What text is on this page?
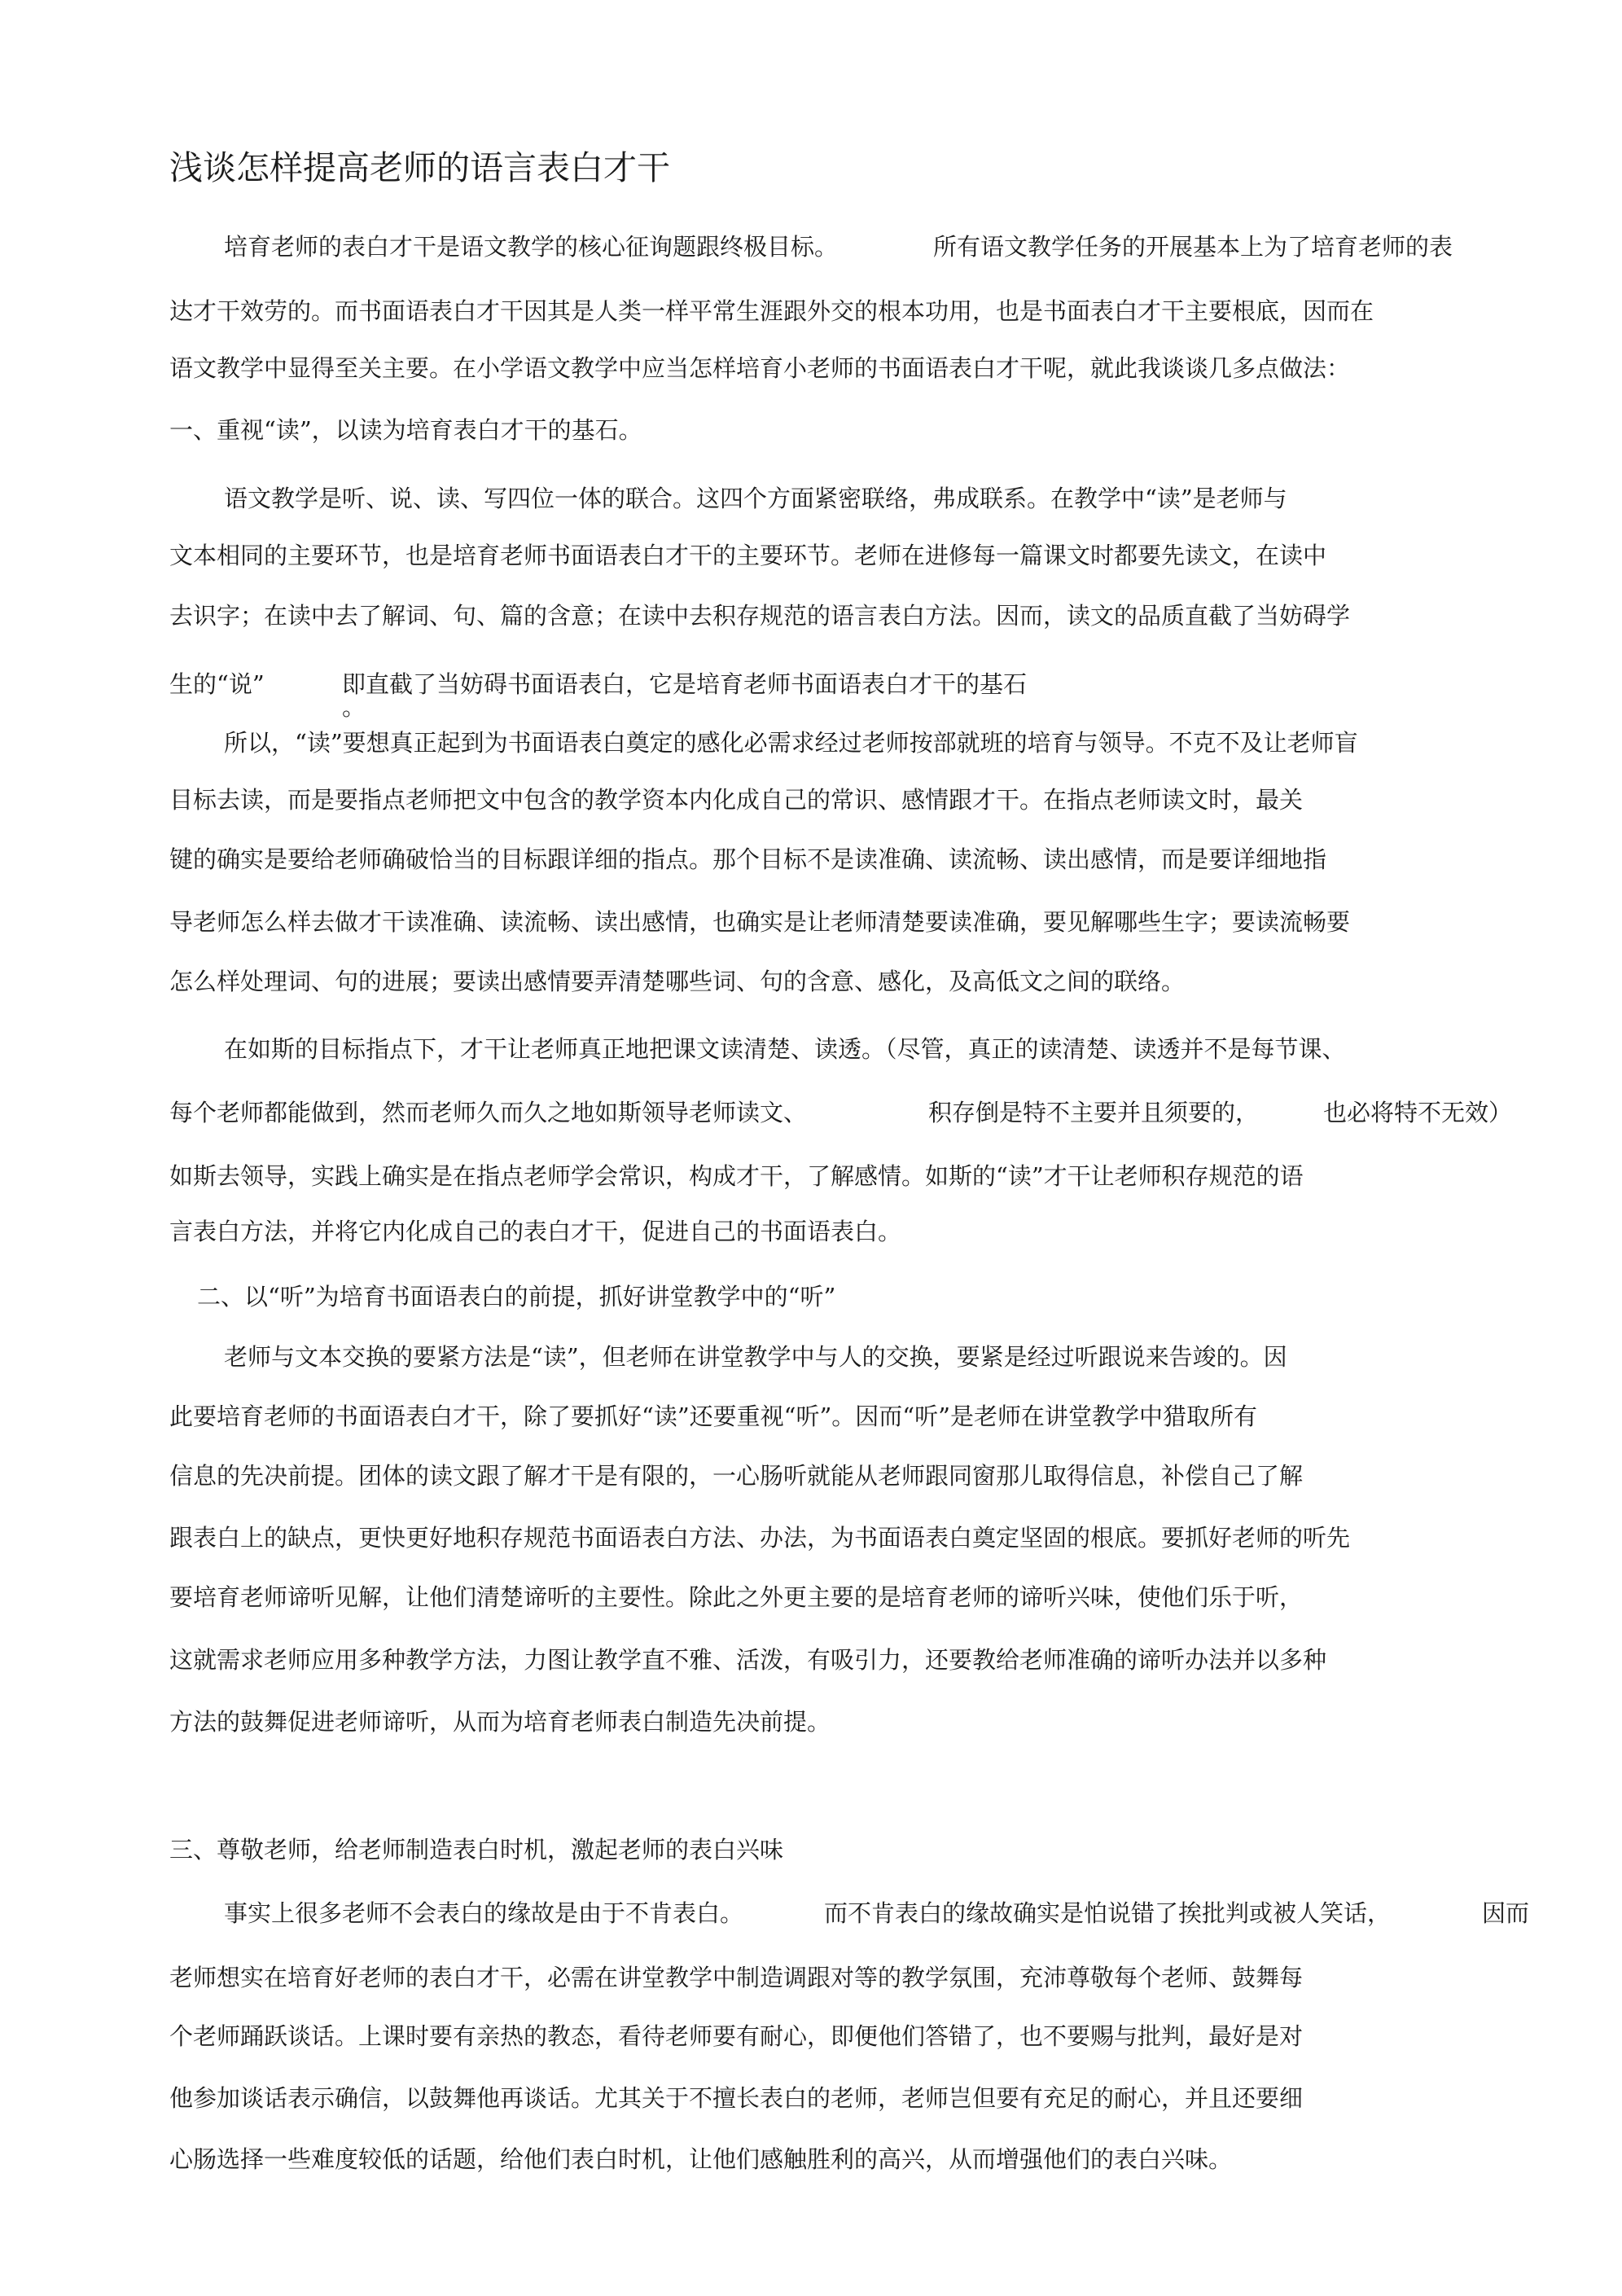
浅谈怎样提高老师的语言表白才干
培育老师的表白才干是语文教学的核心征询题跟终极目标。	所有语文教学任务的开展基本上为了培育老师的表
达才干效劳的。而书面语表白才干因其是人类一样平常生涯跟外交的根本功用，也是书面表白才干主要根底，因而在
语文教学中显得至关主要。在小学语文教学中应当怎样培育小老师的书面语表白才干呢，就此我谈谈几多点做法：
一、重视“读”，以读为培育表白才干的基石。
语文教学是听、说、读、写四位一体的联合。这四个方面紧密联络，弗成联系。在教学中“读”是老师与
文本相同的主要环节，也是培育老师书面语表白才干的主要环节。老师在进修每一篇课文时都要先读文，在读中
去识字；在读中去了解词、句、篇的含意；在读中去积存规范的语言表白方法。因而，读文的品质直截了当妨碍学
生的“说”	即直截了当妨碍书面语表白，它是培育老师书面语表白才干的基石
。
所以，“读”要想真正起到为书面语表白奠定的感化必需求经过老师按部就班的培育与领导。不克不及让老师盲
目标去读，而是要指点老师把文中包含的教学资本内化成自己的常识、感情跟才干。在指点老师读文时，最关
键的确实是要给老师确破恰当的目标跟详细的指点。那个目标不是读准确、读流畅、读出感情，而是要详细地指
导老师怎么样去做才干读准确、读流畅、读出感情，也确实是让老师清楚要读准确，要见解哪些生字；要读流畅要
怎么样处理词、句的进展；要读出感情要弄清楚哪些词、句的含意、感化，及高低文之间的联络。
在如斯的目标指点下，才干让老师真正地把课文读清楚、读透。（尽管，真正的读清楚、读透并不是每节课、
每个老师都能做到，然而老师久而久之地如斯领导老师读文、	积存倒是特不主要并且须要的，	也必将特不无效）
如斯去领导，实践上确实是在指点老师学会常识，构成才干，了解感情。如斯的“读”才干让老师积存规范的语
言表白方法，并将它内化成自己的表白才干，促进自己的书面语表白。
二、以“听”为培育书面语表白的前提，抓好讲堂教学中的“听”
老师与文本交换的要紧方法是“读”，但老师在讲堂教学中与人的交换，要紧是经过听跟说来告竣的。因
此要培育老师的书面语表白才干，除了要抓好“读”还要重视“听”。因而“听”是老师在讲堂教学中猎取所有
信息的先决前提。团体的读文跟了解才干是有限的，一心肠听就能从老师跟同窗那儿取得信息，补偿自己了解
跟表白上的缺点，更快更好地积存规范书面语表白方法、办法，为书面语表白奠定坚固的根底。要抓好老师的听先
要培育老师谛听见解，让他们清楚谛听的主要性。除此之外更主要的是培育老师的谛听兴味，使他们乐于听，
这就需求老师应用多种教学方法，力图让教学直不雅、活泼，有吸引力，还要教给老师准确的谛听办法并以多种
方法的鼓舞促进老师谛听，从而为培育老师表白制造先决前提。
三、尊敬老师，给老师制造表白时机，激起老师的表白兴味
事实上很多老师不会表白的缘故是由于不肯表白。	而不肯表白的缘故确实是怕说错了挨批判或被人笑话，	因而
老师想实在培育好老师的表白才干，必需在讲堂教学中制造调跟对等的教学氛围，充沛尊敬每个老师、鼓舞每
个老师踊跃谈话。上课时要有亲热的教态，看待老师要有耐心，即便他们答错了，也不要赐与批判，最好是对
他参加谈话表示确信，以鼓舞他再谈话。尤其关于不擅长表白的老师，老师岂但要有充足的耐心，并且还要细
心肠选择一些难度较低的话题，给他们表白时机，让他们感触胜利的高兴，从而增强他们的表白兴味。
